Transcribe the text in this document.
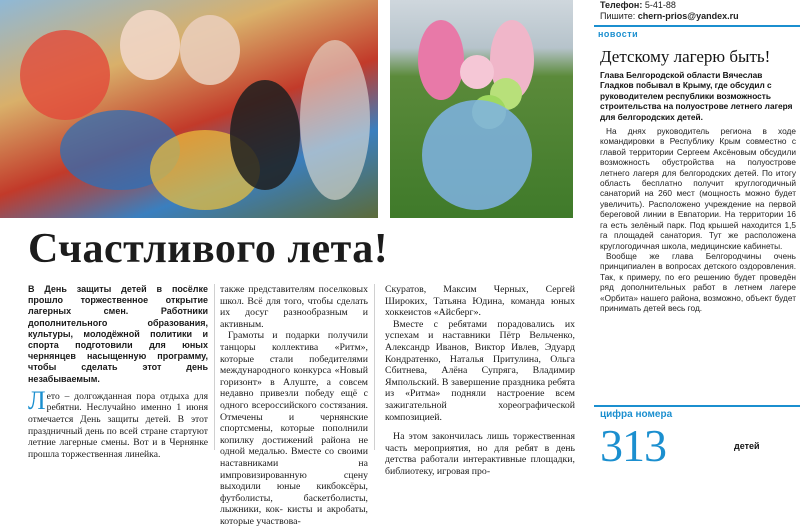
Счастливого лета!

В День защиты детей в посёлке прошло торжественное открытие лагерных смен. Работники дополнительного образования, культуры, молодёжной политики и спорта подготовили для юных чернянцев насыщенную программу, чтобы сделать этот день незабываемым.

Лето – долгожданная пора отдыха для ребятни. Неслучайно именно 1 июня отмечается День защиты детей. В этот праздничный день по всей стране стартуют летние лагерные смены. Вот и в Чернянке прошла торжественная линейка.

также представителям поселковых школ. Всё для того, чтобы сделать их досуг разнообразным и активным.

Грамоты и подарки получили танцоры коллектива «Ритм», которые стали победителями международного конкурса «Новый горизонт» в Алуште, а совсем недавно привезли победу ещё с одного всероссийского состязания. Отмечены и чернянские спортсмены, которые пополнили копилку достижений района не одной медалью. Вместе со своими наставниками на импровизированную сцену выходили юные кикбоксёры, футболисты, баскетболисты, лыжники, кок- кисты и акробаты, которые участвова-

Скуратов, Максим Черных, Сергей Широких, Татьяна Юдина, команда юных хоккеистов «Айсберг».

Вместе с ребятами порадовались их успехам и наставники Пётр Вельченко, Александр Иванов, Виктор Ивлев, Эдуард Кондратенко, Наталья Притулина, Ольга Сбитнева, Алёна Супряга, Владимир Ямпольский. В завершение праздника ребята из «Ритма» подняли настроение всем зажигательной хореографической композицией.

На этом закончилась лишь торжественная часть мероприятия, но для ребят в день детства работали интерактивные площадки, библиотеку, игровая про-

Телефон: 5-41-88
Пишите: chern-prios@yandex.ru
новости
Детскому лагерю быть!
Глава Белгородской области Вячеслав Гладков побывал в Крыму, где обсудил с руководителем республики возможность строительства на полуострове летнего лагеря для белгородских детей.

На днях руководитель региона в ходе командировки в Республику Крым совместно с главой территории Сергеем Аксёновым обсудили возможность обустройства на полуострове летнего лагеря для белгородских детей. По итогу область бесплатно получит круглогодичный санаторий на 260 мест (мощность можно будет увеличить). Расположено учреждение на первой береговой линии в Евпатории. На территории 16 га есть зелёный парк. Под крышей находится 1,5 га площадей санатория. Тут же расположена круглогодичная школа, медицинские кабинеты.

Вообще же глава Белгородчины очень принципиален в вопросах детского оздоровления. Так, к примеру, по его решению будет проведён ряд дополнительных работ в летнем лагере «Орбита» нашего района, возможно, объект будет принимать детей весь год.

цифра номера
313	детей
